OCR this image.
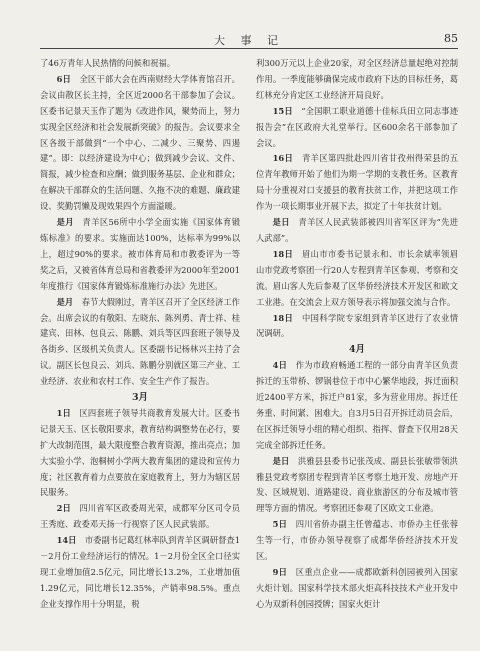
大 事 记	85

了46万青年人民热情的问候和祝福。

6日　 全区干部大会在西南财经大学体育馆召开。会议由散区长主持，全区近2000名干部参加了会议。区委书记景天玉作了题为《改进作风，聚势而上，努力实现全区经济和社会发展新突破》的报告。会议要求全区各级干部做到“一个中心、二减少、三聚势、四遏建”。即：以经济建设为中心；做到减少会议、文件、简报，减少检查和应酬；做到服务基层、企业和群众；在解决干部群众的生活问题、久拖不决的难题、廉政建设、奖勤罚懒及现效果四个方面溢暖。

是月　 青羊区56所中小学全面实施《国家体育锻炼标准》的要求。实施面达100%，达标率为99%以上，超过90%的要求。被市体育局和市教委评为一等奖之后，又被省体育总局和省教委评为2000年至2001年度推行《国家体育锻炼标准施行办法》先进区。

是月　 春节大假刚过，青羊区召开了全区经济工作会。出席会议的有敬阳、左晓东、陈列勇、青士祥、桂建宾、田林、包良云、陈鹏、刘兵等区四套班子领导及各街乡、区级机关负责人。区委副书记杨林兴主持了会议。副区长包良云、刘兵、陈鹏分别就区第三产业、工业经济、农业和农村工作、安全生产作了报告。

3月

1日　 区四套班子领导共商教育发展大计。区委书记景天玉、区长敬阳要求，教育结构调整势在必行，要扩大改制范围，最大限度整合教育资源，推出亮点；加大实验小学、泡桐树小学两大教育集团的建设和宣传力度；社区教育着力点要放在家庭教育上，努力为辖区居民服务。

2日　 四川省军区政委周光荣，成都军分区司令员王秀庭、政委邓天扬一行视察了区人民武装部。

14日　 市委副书记葛红林率队到青羊区调研督查1－2月份工业经济运行的情况。1－2月份全区全口径实现工业增加值2.5亿元，同比增长13.2%，工业增加值1.29亿元，同比增长12.35%，产销率98.5%。重点企业支撑作用十分明显，税

利300万元以上企业20家，对全区经济总量起绝对控制作用。一季度能够确保完成市政府下达的目标任务，葛红林充分肯定区工业经济开局良好。

15日　 “全国职工职业道德十佳标兵田立同志事迹报告会”在区政府大礼堂举行。区600余名干部参加了会议。

16日　 青羊区第四批赴四川省甘孜州得荣县的五位青年教师开始了他们为期一学期的支教任务。区教育局十分重视对口支援县的教育扶贫工作，并把这项工作作为一项长期事业开展下去，拟定了十年扶贫计划。

是日　 青羊区人民武装部被四川省军区评为“先进人武部”。

18日　 眉山市市委书记景永和、市长余斌率领眉山市党政考察团一行20人专程到青羊区参观、考察和交流。眉山客人先后参观了区华侨经济技术开发区和欧文工业港。在交流会上双方领导表示将加强交流与合作。

18日　 中国科学院专家组到青羊区进行了农业情况调研。

4月

4日　 作为市政府畅通工程的一部分由青羊区负责拆迁的玉带桥、锣锅巷位于市中心繁华地段，拆迁面积近2400平方米，拆迁户81家，多为营业用房。拆迁任务重、时间紧、困难大。自3月5日召开拆迁动员会后，在区拆迁领导小组的精心组织、指挥、督查下仅用28天完成全部拆迁任务。

是日　 洪雅县县委书记张茂成、副县长张敏带领洪雅县党政考察团专程到青羊区考察土地开发、房地产开发、区域规划、道路建设、商业旅游区的分布及城市管理等方面的情况。考察团还参观了区欧文工业港。

5日　 四川省侨办副主任曾蕴志、市侨办主任张蓉生等一行，市侨办领导视察了成都华侨经济技术开发区。

9日　 区重点企业——成都欧新科创园被列入国家火炬计划。国家科学技术部火炬高科技技术产业开发中心为双新科创园授牌；国家火炬计
